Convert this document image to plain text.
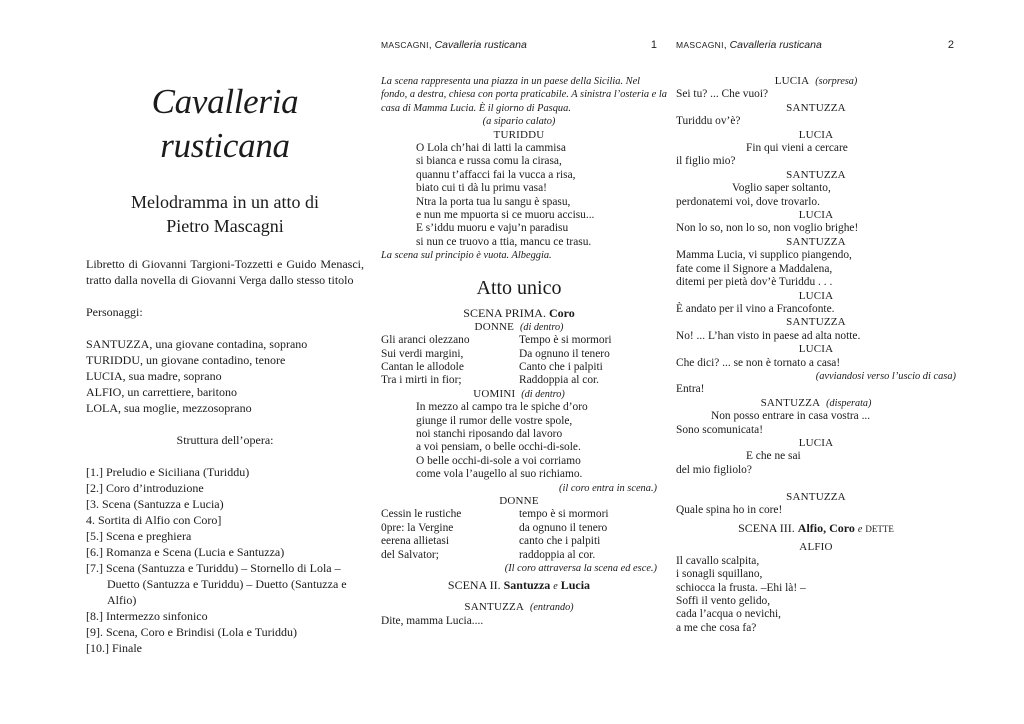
MASCAGNI, Cavalleria rusticana	1 MASCAGNI, Cavalleria rusticana	2
Cavalleria rusticana
Melodramma in un atto di
Pietro Mascagni

Libretto di Giovanni Targioni-Tozzetti e Guido Menasci, tratto dalla novella di Giovanni Verga dallo stesso titolo

Personaggi:

SANTUZZA, una giovane contadina, soprano

TURIDDU, un giovane contadino, tenore

LUCIA, sua madre, soprano

ALFIO, un carrettiere, baritono

LOLA, sua moglie, mezzosoprano

Struttura dell’opera:

[1.] Preludio e Siciliana (Turiddu)

[2.] Coro d’introduzione

[3. Scena (Santuzza e Lucia)

4. Sortita di Alfio con Coro]

[5.] Scena e preghiera

[6.] Romanza e Scena (Lucia e Santuzza)

[7.] Scena (Santuzza e Turiddu) – Stornello di Lola – Duetto (Santuzza e Turiddu) – Duetto (Santuzza e Alfio)

[8.] Intermezzo sinfonico

[9]. Scena, Coro e Brindisi (Lola e Turiddu)

[10.] Finale

La scena rappresenta una piazza in un paese della Sicilia. Nel
fondo, a destra, chiesa con porta praticabile. A sinistra l’osteria e la
casa di Mamma Lucia. È il giorno di Pasqua.
(a sipario calato)
TURIDDU
O Lola ch’hai di latti la cammisa
si bianca e russa comu la cirasa,
quannu t’affacci fai la vucca a risa,
biato cui ti dà lu primu vasa!
Ntra la porta tua lu sangu è spasu,
e nun me mpuorta si ce muoru accisu...
E s’iddu muoru e vaju’n paradisu
si nun ce truovo a ttia, mancu ce trasu.
La scena sul principio è vuota. Albeggia.
Atto unico
SCENA PRIMA. Coro
DONNE (di dentro)
Gli aranci olezzano	Tempo è si mormori
Sui verdi margini,	Da ognuno il tenero
Cantan le allodole	Canto che i palpiti
Tra i mirti in fior;	Raddoppia al cor.
UOMINI (di dentro)
In mezzo al campo tra le spiche d’oro
giunge il rumor delle vostre spole,
noi stanchi riposando dal lavoro
a voi pensiam, o belle occhi-di-sole.
O belle occhi-di-sole a voi corriamo
come vola l’augello al suo richiamo.
(il coro entra in scena.)
DONNE
Cessin le rustiche	tempo è si mormori
0pre: la Vergine	da ognuno il tenero
eerena allietasi	canto che i palpiti
del Salvator;	raddoppia al cor.
(Il coro attraversa la scena ed esce.)
SCENA II. Santuzza e Lucia
SANTUZZA (entrando)
Dite, mamma Lucia....
LUCIA (sorpresa)
Sei tu? ... Che vuoi?
SANTUZZA
Turiddu ov’è?
LUCIA
Fin qui vieni a cercare
il figlio mio?
SANTUZZA
Voglio saper soltanto,
perdonatemi voi, dove trovarlo.
LUCIA
Non lo so, non lo so, non voglio brighe!
SANTUZZA
Mamma Lucia, vi supplico piangendo,
fate come il Signore a Maddalena,
ditemi per pietà dov’è Turiddu . . .
LUCIA
È andato per il vino a Francofonte.
SANTUZZA
No! ... L’han visto in paese ad alta notte.
LUCIA
Che dici? ... se non è tornato a casa!
(avviandosi verso l’uscio di casa)
Entra!
SANTUZZA (disperata)
Non posso entrare in casa vostra ...
Sono scomunicata!
LUCIA
E che ne sai
del mio figliolo?
SANTUZZA
Quale spina ho in core!
SCENA III. Alfio, Coro e DETTE
ALFIO
Il cavallo scalpita,
i sonagli squillano,
schiocca la frusta. –Ehi là! –
Soffi il vento gelido,
cada l’acqua o nevichi,
a me che cosa fa?
